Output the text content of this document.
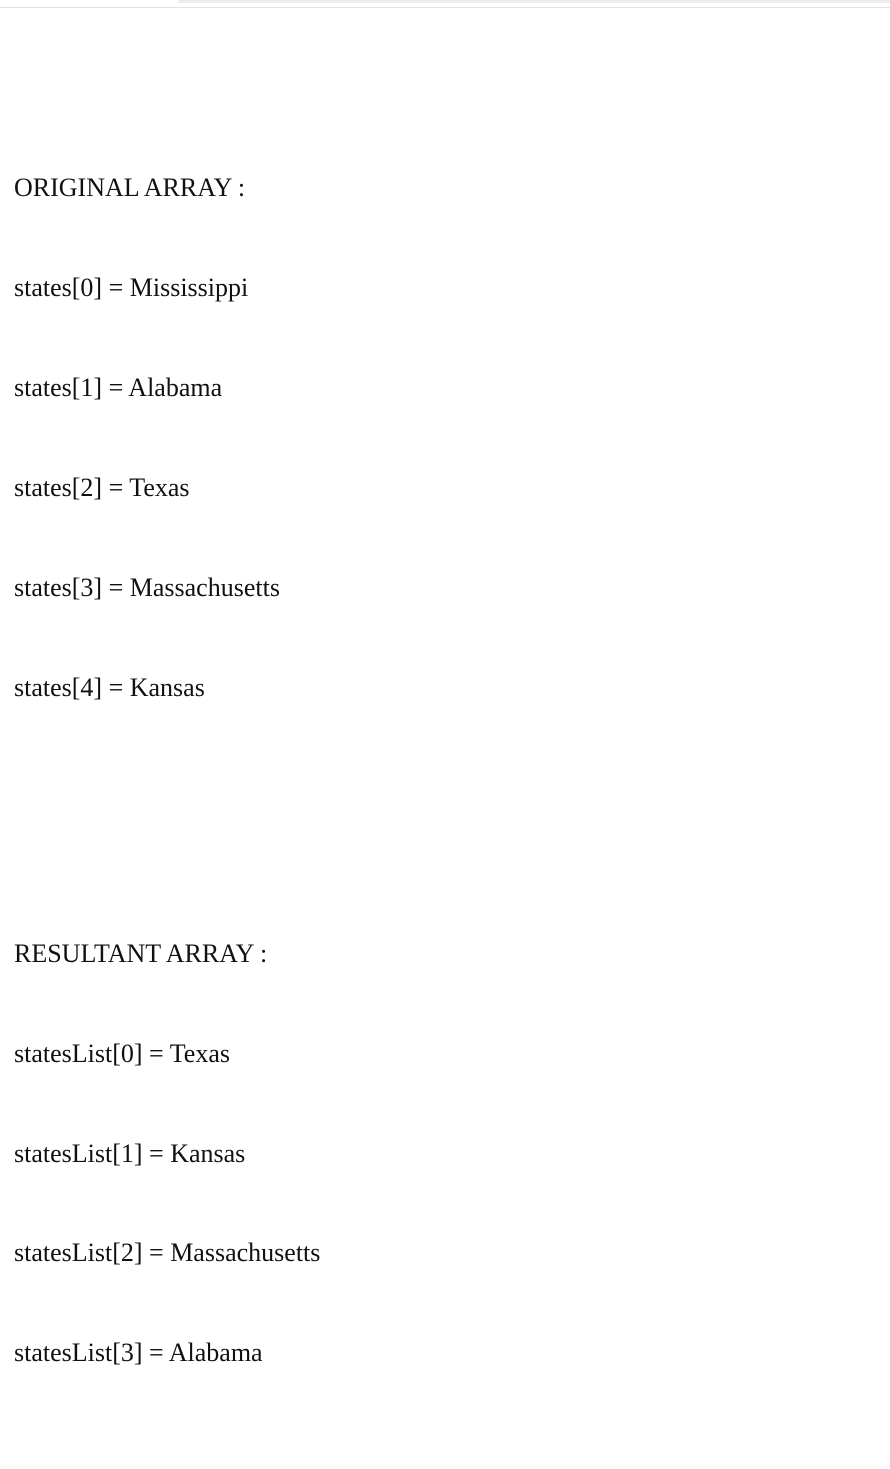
ORIGINAL ARRAY :

states[0] = Mississippi

states[1] = Alabama

states[2] = Texas

states[3] = Massachusetts

states[4] = Kansas

RESULTANT ARRAY :

statesList[0] = Texas

statesList[1] = Kansas

statesList[2] = Massachusetts

statesList[3] = Alabama
